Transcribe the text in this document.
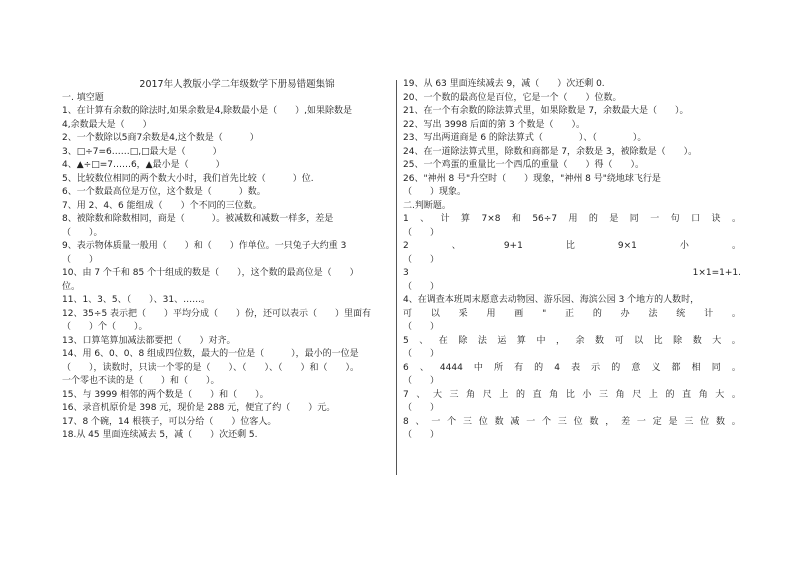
2017年人教版小学二年级数学下册易错题集锦
一. 填空题
1、在计算有余数的除法时,如果余数是4,除数最小是（　　）,如果除数是
4,余数最大是（　　）
2、一个数除以5商7余数是4,这个数是（　　　）
3、□÷7=6……□,□最大是（　　　）
4、▲÷□=7……6，▲最小是（　　　）
5、比较数位相同的两个数大小时，我们首先比较（　　　）位.
6、一个数最高位是万位，这个数是（　　　）数。
7、用 2、4、6 能组成（　　）个不同的三位数。
8、被除数和除数相同，商是（　　　）。被减数和减数一样多，差是
（　　）。
9、表示物体质量一般用（　　）和（　　）作单位。一只兔子大约重 3
（　　）
10、由 7 个千和 85 个十组成的数是（　　），这个数的最高位是（　　）
位。
11、1、3、5、（　　）、31、……。
12、35÷5 表示把（　　）平均分成（　　）份，还可以表示（　　）里面有
（　　）个（　　）。
13、口算笔算加减法都要把（　　）对齐。
14、用 6、0、0、8 组成四位数，最大的一位是（　　　），最小的一位是
（　　），读数时，只读一个零的是（　　）、（　　）、（　　）和（　　）。
一个零也不读的是（　　）和（　　）。
15、与 3999 相邻的两个数是（　　）和（　　）。
16、录音机原价是 398 元，现价是 288 元，便宜了约（　　）元。
17、8 个碗，14 根筷子，可以分给（　　）位客人。
18.从 45 里面连续减去 5，减（　　）次还剩 5.
19、从 63 里面连续减去 9，减（　　）次还剩 0.
20、一个数的最高位是百位，它是一个（　　）位数。
21、在一个有余数的除法算式里，如果除数是 7，余数最大是（　　）。
22、写出 3998 后面的第 3 个数是（　　）。
23、写出两道商是 6 的除法算式（　　　　）、（　　　　）。
24、在一道除法算式里，除数和商都是 7，余数是 3，被除数是（　　）。
25、一个鸡蛋的重量比一个西瓜的重量（　　）得（　　）。
26、"神州 8 号"升空时（　　）现象，"神州 8 号"绕地球飞行是
（　　）现象。
二.判断题。
1 、 计 算 7×8 和 56÷7 用 的 是 同 一 句 口 诀 。
（　　）
2	、	9+1	比	9×1	小	。
（　　）
3	1×1=1+1.
（　　）
4、在调查本班周末愿意去动物园、游乐园、海滨公园 3 个地方的人数时，
可 以 采 用 画 " 正 的 办 法 统 计 。
（　　）
5 、 在 除 法 运 算 中 ， 余 数 可 以 比 除 数 大 。
（　　）
6 、 4444 中 所 有 的 4 表 示 的 意 义 都 相 同 。
（　　）
7 、 大 三 角 尺 上 的 直 角 比 小 三 角 尺 上 的 直 角 大 。
（　　）
8 、 一 个 三 位 数 减 一 个 三 位 数 ， 差 一 定 是 三 位 数 。
（　　）
